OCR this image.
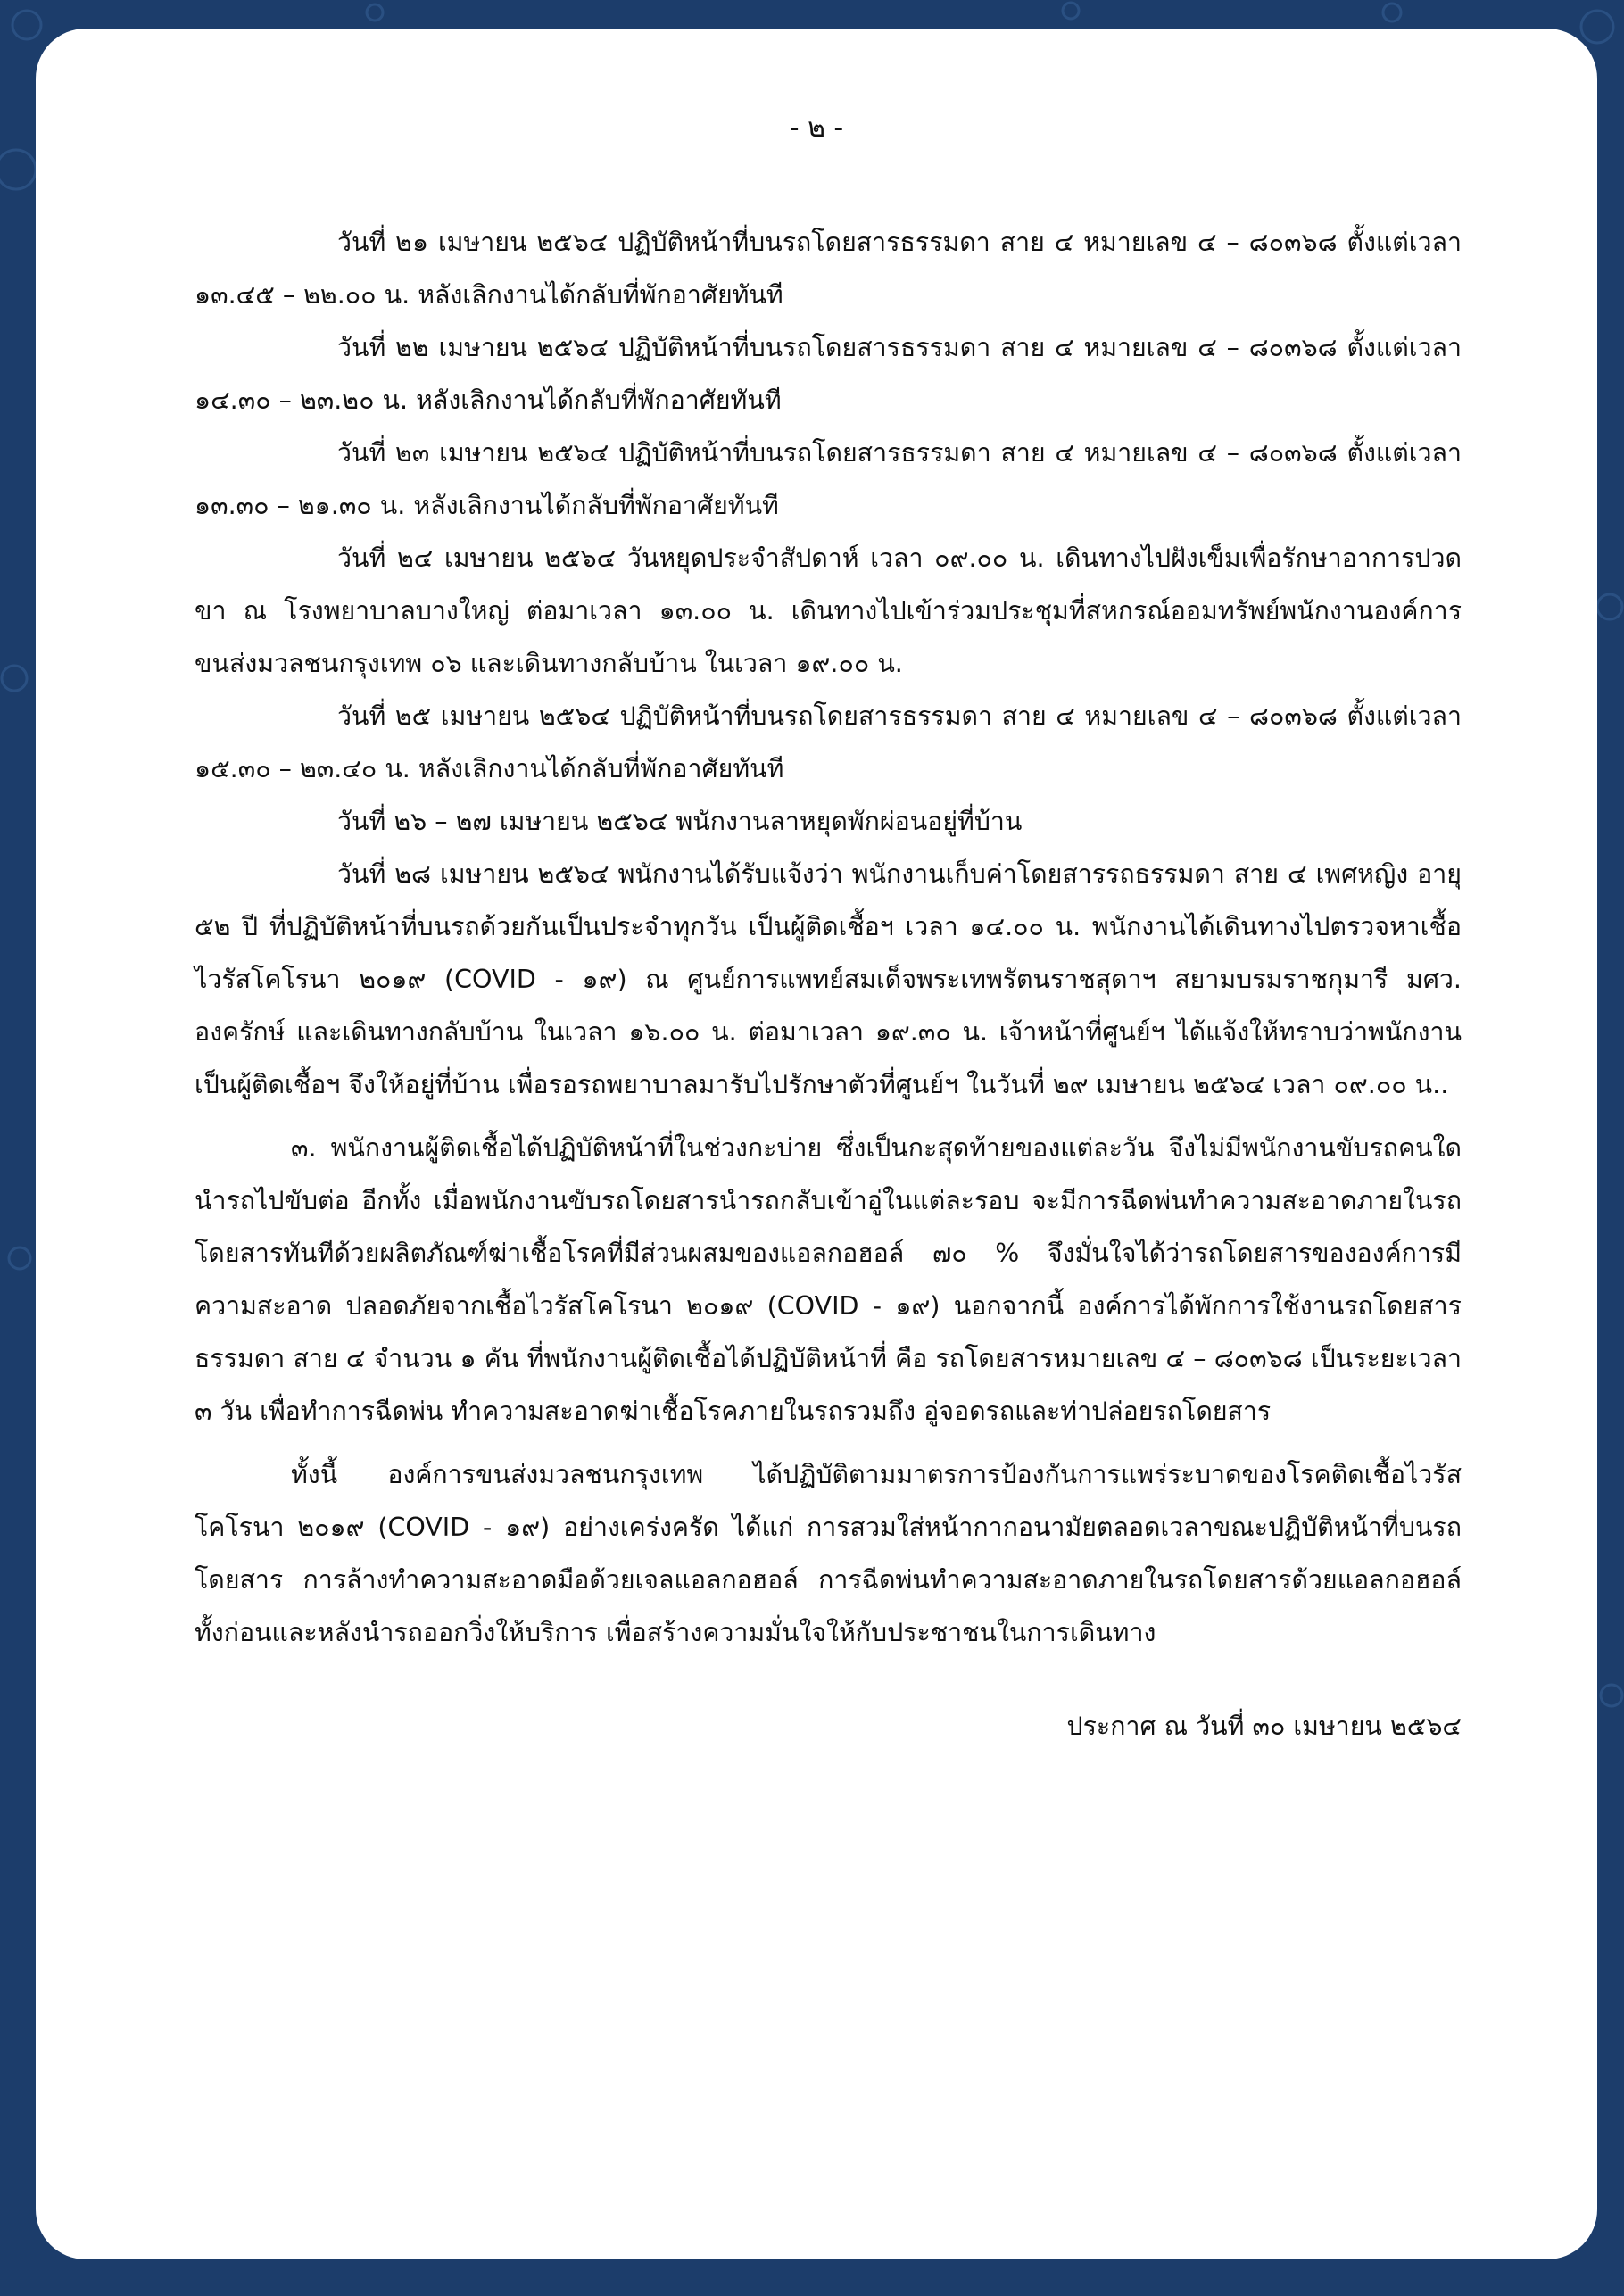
- ๒ -

วันที่ ๒๑ เมษายน ๒๕๖๔ ปฏิบัติหน้าที่บนรถโดยสารธรรมดา สาย ๔ หมายเลข ๔ – ๘๐๓๖๘ ตั้งแต่เวลา ๑๓.๔๕ – ๒๒.๐๐ น. หลังเลิกงานได้กลับที่พักอาศัยทันที

วันที่ ๒๒ เมษายน ๒๕๖๔ ปฏิบัติหน้าที่บนรถโดยสารธรรมดา สาย ๔ หมายเลข ๔ – ๘๐๓๖๘ ตั้งแต่เวลา ๑๔.๓๐ – ๒๓.๒๐ น. หลังเลิกงานได้กลับที่พักอาศัยทันที

วันที่ ๒๓ เมษายน ๒๕๖๔ ปฏิบัติหน้าที่บนรถโดยสารธรรมดา สาย ๔ หมายเลข ๔ – ๘๐๓๖๘ ตั้งแต่เวลา ๑๓.๓๐ – ๒๑.๓๐ น. หลังเลิกงานได้กลับที่พักอาศัยทันที

วันที่ ๒๔ เมษายน ๒๕๖๔ วันหยุดประจำสัปดาห์ เวลา ๐๙.๐๐ น. เดินทางไปฝังเข็มเพื่อรักษาอาการปวดขา ณ โรงพยาบาลบางใหญ่ ต่อมาเวลา ๑๓.๐๐ น. เดินทางไปเข้าร่วมประชุมที่สหกรณ์ออมทรัพย์พนักงานองค์การขนส่งมวลชนกรุงเทพ ๐๖ และเดินทางกลับบ้าน ในเวลา ๑๙.๐๐ น.

วันที่ ๒๕ เมษายน ๒๕๖๔ ปฏิบัติหน้าที่บนรถโดยสารธรรมดา สาย ๔ หมายเลข ๔ – ๘๐๓๖๘ ตั้งแต่เวลา ๑๕.๓๐ – ๒๓.๔๐ น. หลังเลิกงานได้กลับที่พักอาศัยทันที

วันที่ ๒๖ – ๒๗ เมษายน ๒๕๖๔ พนักงานลาหยุดพักผ่อนอยู่ที่บ้าน

วันที่ ๒๘ เมษายน ๒๕๖๔ พนักงานได้รับแจ้งว่า พนักงานเก็บค่าโดยสารรถธรรมดา สาย ๔ เพศหญิง อายุ ๕๒ ปี ที่ปฏิบัติหน้าที่บนรถด้วยกันเป็นประจำทุกวัน เป็นผู้ติดเชื้อฯ เวลา ๑๔.๐๐ น. พนักงานได้เดินทางไปตรวจหาเชื้อไวรัสโคโรนา ๒๐๑๙ (COVID - ๑๙) ณ ศูนย์การแพทย์สมเด็จพระเทพรัตนราชสุดาฯ สยามบรมราชกุมารี มศว. องครักษ์ และเดินทางกลับบ้าน ในเวลา ๑๖.๐๐ น. ต่อมาเวลา ๑๙.๓๐ น. เจ้าหน้าที่ศูนย์ฯ ได้แจ้งให้ทราบว่าพนักงานเป็นผู้ติดเชื้อฯ จึงให้อยู่ที่บ้าน เพื่อรอรถพยาบาลมารับไปรักษาตัวที่ศูนย์ฯ ในวันที่ ๒๙ เมษายน ๒๕๖๔ เวลา ๐๙.๐๐ น..

๓. พนักงานผู้ติดเชื้อได้ปฏิบัติหน้าที่ในช่วงกะบ่าย ซึ่งเป็นกะสุดท้ายของแต่ละวัน จึงไม่มีพนักงานขับรถคนใดนำรถไปขับต่อ อีกทั้ง เมื่อพนักงานขับรถโดยสารนำรถกลับเข้าอู่ในแต่ละรอบ จะมีการฉีดพ่นทำความสะอาดภายในรถโดยสารทันทีด้วยผลิตภัณฑ์ฆ่าเชื้อโรคที่มีส่วนผสมของแอลกอฮอล์ ๗๐ % จึงมั่นใจได้ว่ารถโดยสารขององค์การมีความสะอาด ปลอดภัยจากเชื้อไวรัสโคโรนา ๒๐๑๙ (COVID - ๑๙) นอกจากนี้ องค์การได้พักการใช้งานรถโดยสารธรรมดา สาย ๔ จำนวน ๑ คัน ที่พนักงานผู้ติดเชื้อได้ปฏิบัติหน้าที่ คือ รถโดยสารหมายเลข ๔ – ๘๐๓๖๘ เป็นระยะเวลา ๓ วัน เพื่อทำการฉีดพ่น ทำความสะอาดฆ่าเชื้อโรคภายในรถรวมถึง อู่จอดรถและท่าปล่อยรถโดยสาร

ทั้งนี้ องค์การขนส่งมวลชนกรุงเทพ ได้ปฏิบัติตามมาตรการป้องกันการแพร่ระบาดของโรคติดเชื้อไวรัสโคโรนา ๒๐๑๙ (COVID - ๑๙) อย่างเคร่งครัด ได้แก่ การสวมใส่หน้ากากอนามัยตลอดเวลาขณะปฏิบัติหน้าที่บนรถโดยสาร การล้างทำความสะอาดมือด้วยเจลแอลกอฮอล์ การฉีดพ่นทำความสะอาดภายในรถโดยสารด้วยแอลกอฮอล์ทั้งก่อนและหลังนำรถออกวิ่งให้บริการ เพื่อสร้างความมั่นใจให้กับประชาชนในการเดินทาง

ประกาศ ณ วันที่ ๓๐ เมษายน ๒๕๖๔
